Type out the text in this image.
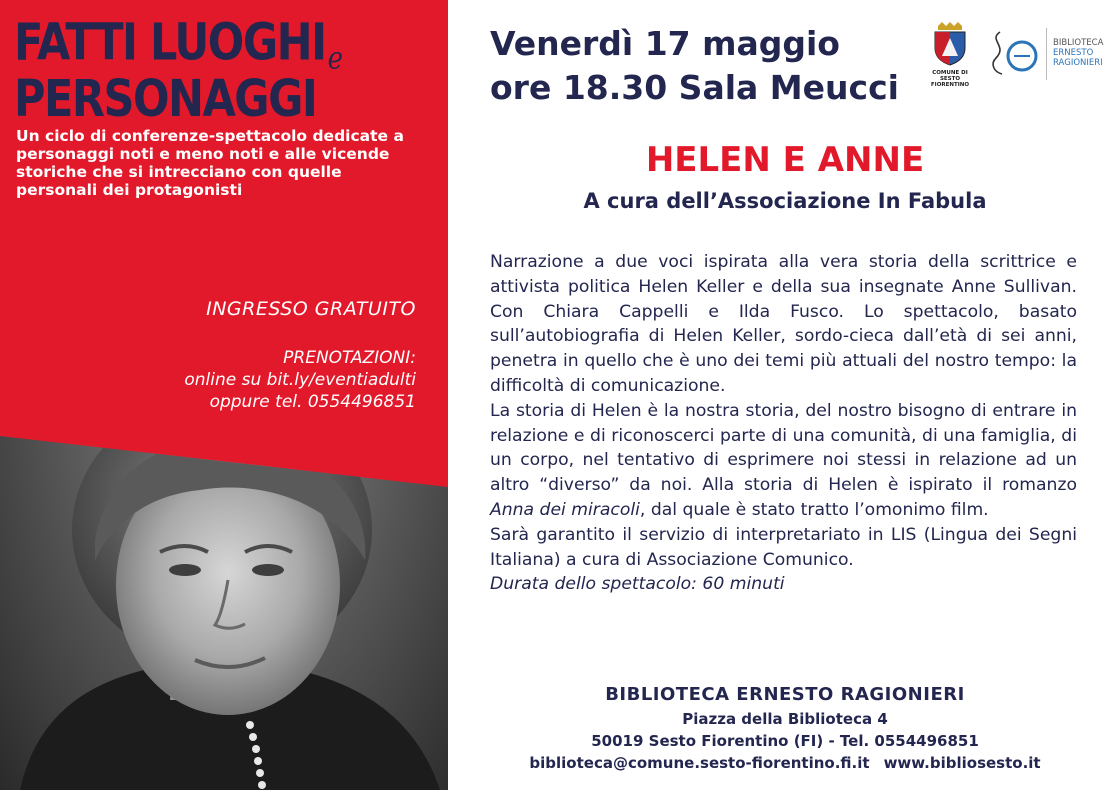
FATTI LUOGHIe
PERSONAGGI

Un ciclo di conferenze-spettacolo dedicate a personaggi noti e meno noti e alle vicende storiche che si intrecciano con quelle personali dei protagonisti

INGRESSO GRATUITO

PRENOTAZIONI:
online su bit.ly/eventiadulti
oppure tel. 0554496851

Venerdì 17 maggio
ore 18.30 Sala Meucci	COMUNE DI
SESTO FIORENTINO
BIBLIOTECA
ERNESTO
RAGIONIERI
HELEN E ANNE
A cura dell’Associazione In Fabula

Narrazione a due voci ispirata alla vera storia della scrittrice e attivista politica Helen Keller e della sua insegnate Anne Sullivan. Con Chiara Cappelli e Ilda Fusco. Lo spettacolo, basato sull’autobiografia di Helen Keller, sordo-cieca dall’età di sei anni, penetra in quello che è uno dei temi più attuali del nostro tempo: la difficoltà di comunicazione.

La storia di Helen è la nostra storia, del nostro bisogno di entrare in relazione e di riconoscerci parte di una comunità, di una famiglia, di un corpo, nel tentativo di esprimere noi stessi in relazione ad un altro “diverso” da noi. Alla storia di Helen è ispirato il romanzo Anna dei miracoli, dal quale è stato tratto l’omonimo film.

Sarà garantito il servizio di interpretariato in LIS (Lingua dei Segni Italiana) a cura di Associazione Comunico.

Durata dello spettacolo: 60 minuti

BIBLIOTECA ERNESTO RAGIONIERI
Piazza della Biblioteca 4
50019 Sesto Fiorentino (FI) - Tel. 0554496851
biblioteca@comune.sesto-fiorentino.fi.it www.bibliosesto.it
